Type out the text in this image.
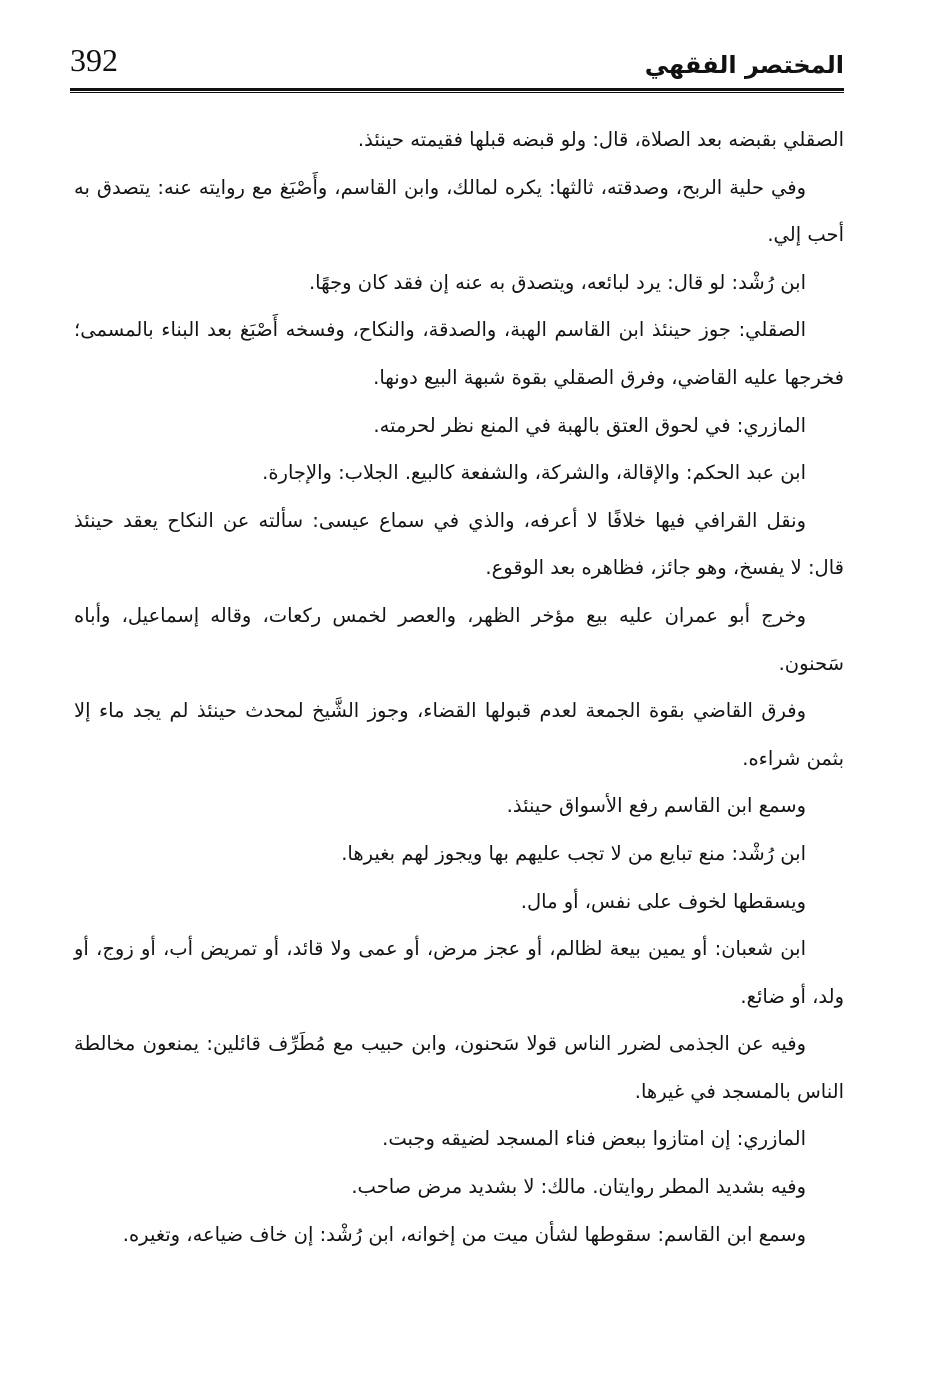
392	المختصر الفقهي

الصقلي بقبضه بعد الصلاة، قال: ولو قبضه قبلها فقيمته حينئذ.

وفي حلية الربح، وصدقته، ثالثها: يكره لمالك، وابن القاسم، وأَصْبَغ مع روايته عنه: يتصدق به أحب إلي.

ابن رُشْد: لو قال: يرد لبائعه، ويتصدق به عنه إن فقد كان وجهًا.

الصقلي: جوز حينئذ ابن القاسم الهبة، والصدقة، والنكاح، وفسخه أَصْبَغ بعد البناء بالمسمى؛ فخرجها عليه القاضي، وفرق الصقلي بقوة شبهة البيع دونها.

المازري: في لحوق العتق بالهبة في المنع نظر لحرمته.

ابن عبد الحكم: والإقالة، والشركة، والشفعة كالبيع. الجلاب: والإجارة.

ونقل القرافي فيها خلافًا لا أعرفه، والذي في سماع عيسى: سألته عن النكاح يعقد حينئذ قال: لا يفسخ، وهو جائز، فظاهره بعد الوقوع.

وخرج أبو عمران عليه بيع مؤخر الظهر، والعصر لخمس ركعات، وقاله إسماعيل، وأباه سَحنون.

وفرق القاضي بقوة الجمعة لعدم قبولها القضاء، وجوز الشَّيخ لمحدث حينئذ لم يجد ماء إلا بثمن شراءه.

وسمع ابن القاسم رفع الأسواق حينئذ.

ابن رُشْد: منع تبايع من لا تجب عليهم بها ويجوز لهم بغيرها.

ويسقطها لخوف على نفس، أو مال.

ابن شعبان: أو يمين بيعة لظالم، أو عجز مرض، أو عمى ولا قائد، أو تمريض أب، أو زوج، أو ولد، أو ضائع.

وفيه عن الجذمى لضرر الناس قولا سَحنون، وابن حبيب مع مُطَرِّف قائلين: يمنعون مخالطة الناس بالمسجد في غيرها.

المازري: إن امتازوا ببعض فناء المسجد لضيقه وجبت.

وفيه بشديد المطر روايتان. مالك: لا بشديد مرض صاحب.

وسمع ابن القاسم: سقوطها لشأن ميت من إخوانه، ابن رُشْد: إن خاف ضياعه، وتغيره.
